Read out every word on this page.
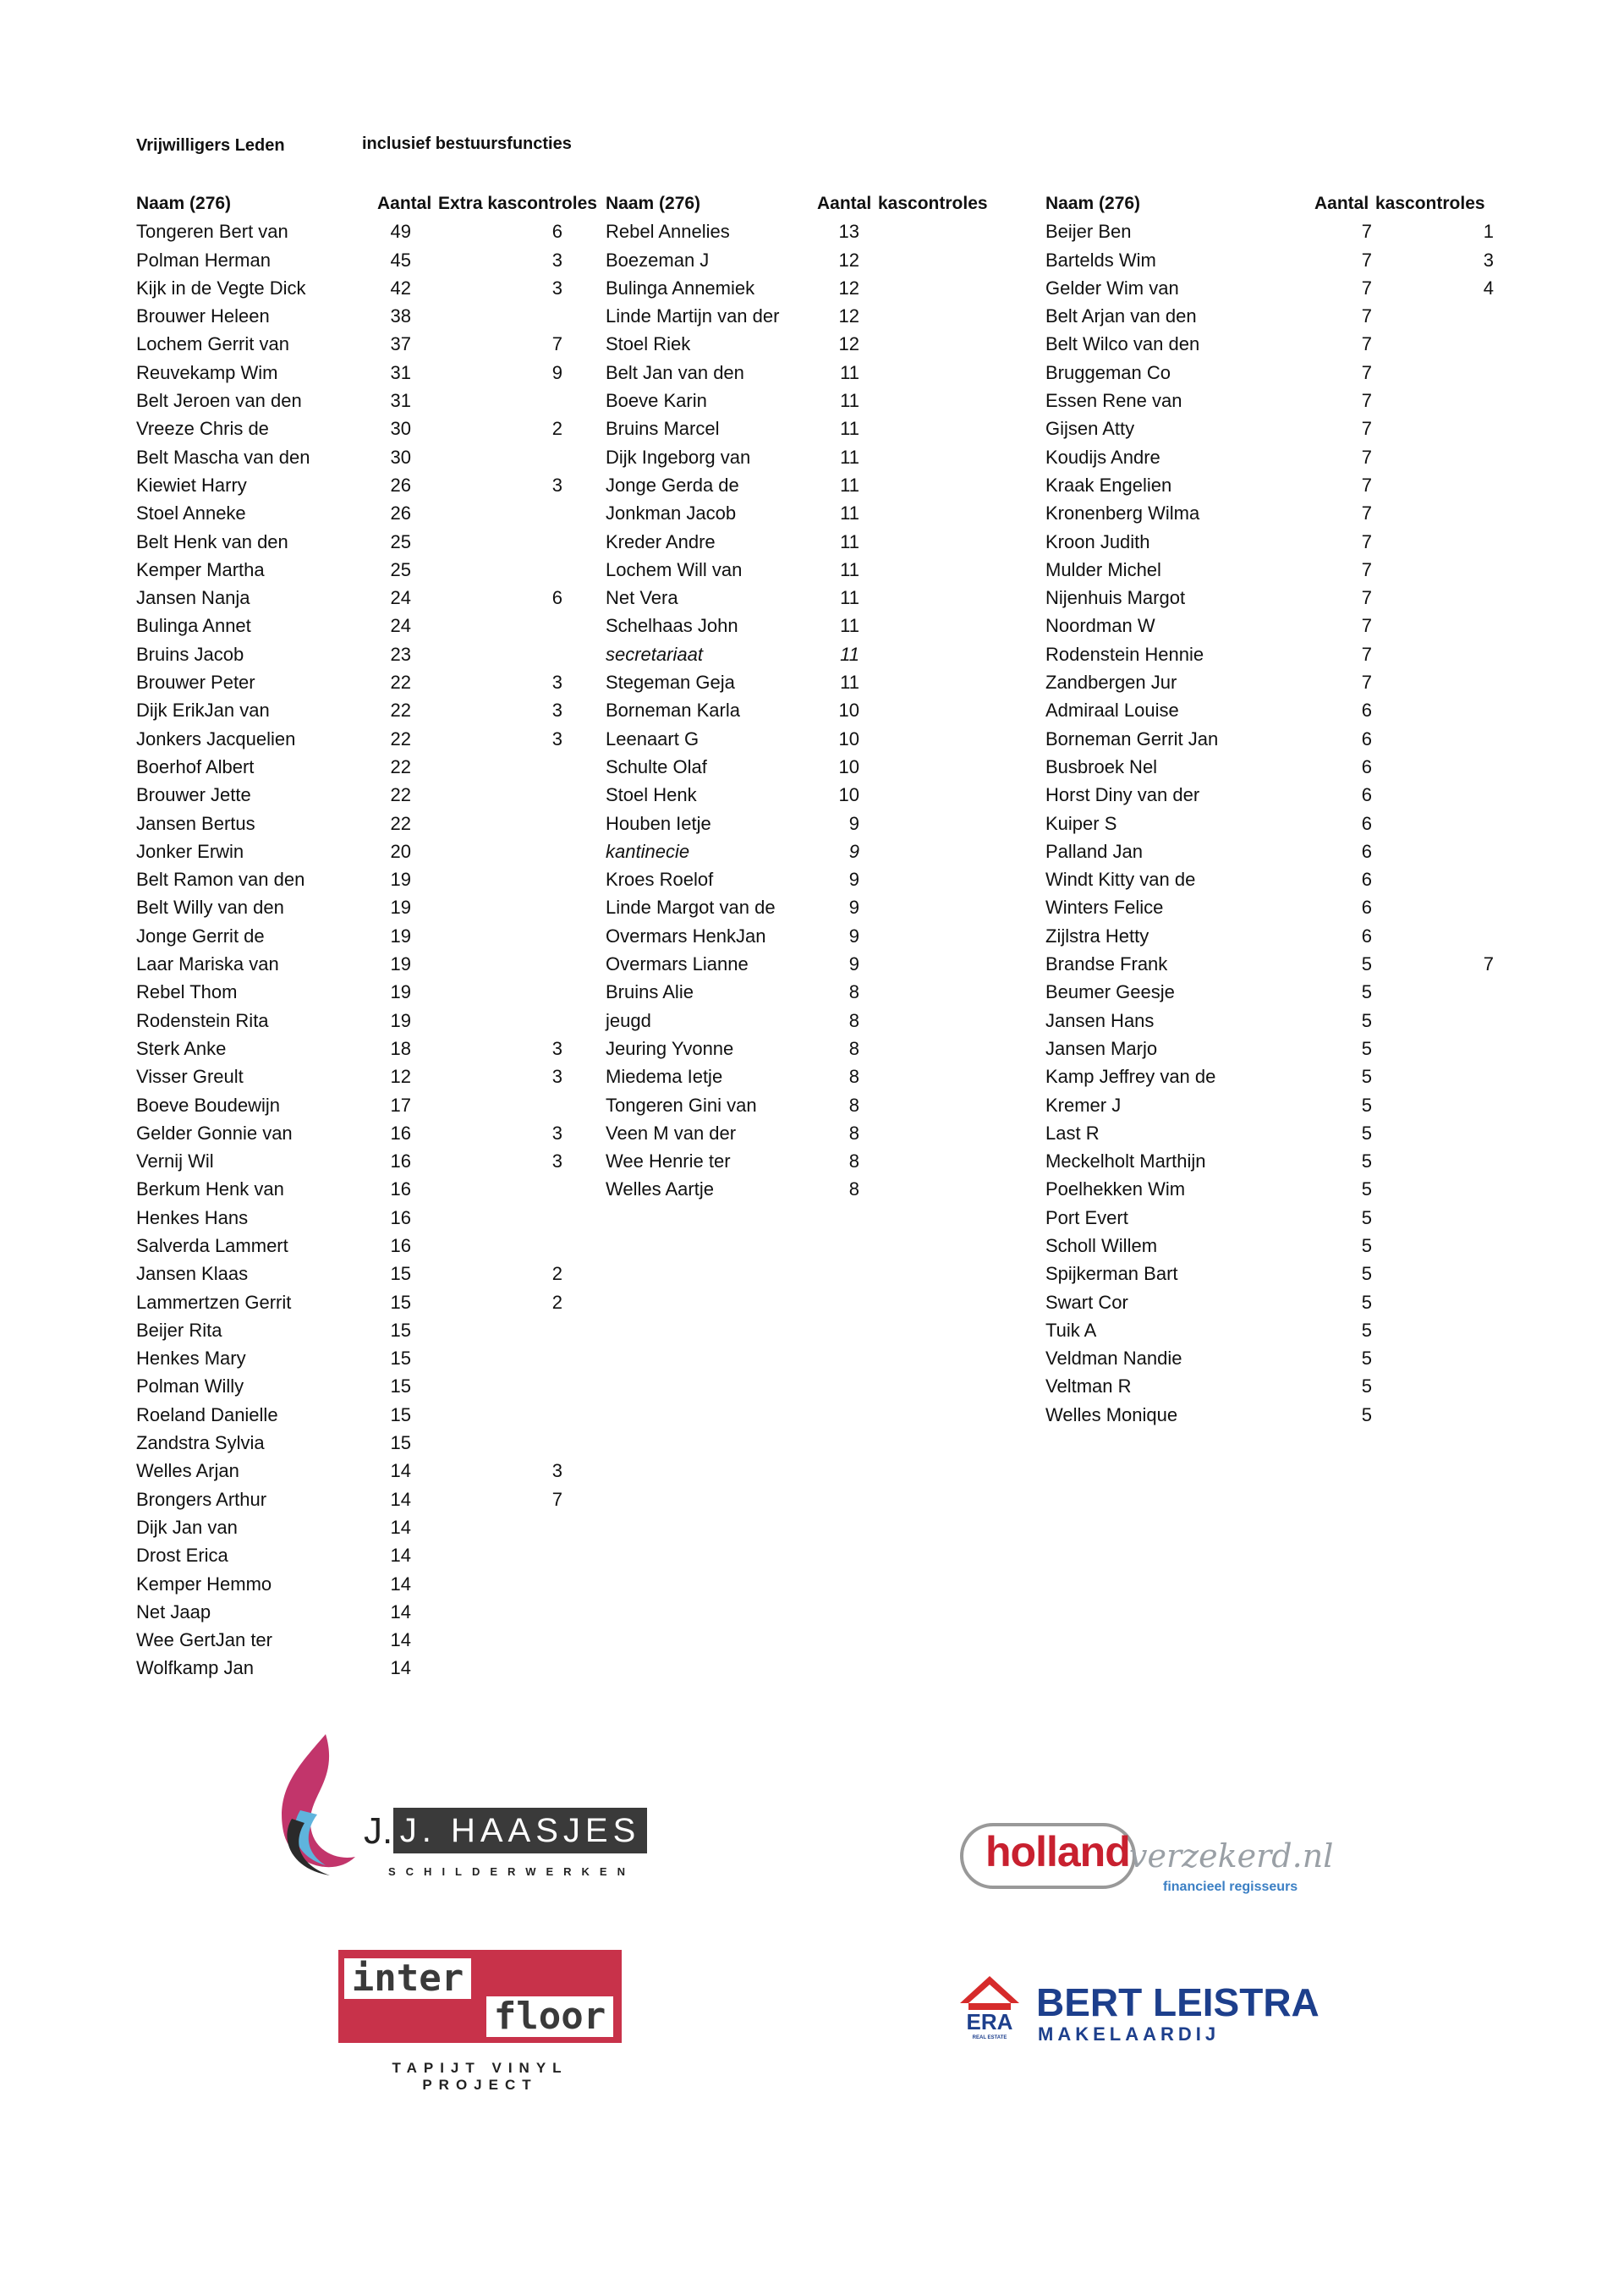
Vrijwilligers Leden	inclusief bestuursfuncties
Naam (276)	Aantal Extra kascontroles
Tongeren Bert van	49	6
Polman Herman	45	3
Kijk in de Vegte Dick	42	3
Brouwer Heleen	38
Lochem Gerrit van	37	7
Reuvekamp Wim	31	9
Belt Jeroen van den	31
Vreeze Chris de	30	2
Belt Mascha van den	30
Kiewiet Harry	26	3
Stoel Anneke	26
Belt Henk van den	25
Kemper Martha	25
Jansen Nanja	24	6
Bulinga Annet	24
Bruins Jacob	23
Brouwer Peter	22	3
Dijk ErikJan van	22	3
Jonkers Jacquelien	22	3
Boerhof Albert	22
Brouwer Jette	22
Jansen Bertus	22
Jonker Erwin	20
Belt Ramon van den	19
Belt Willy van den	19
Jonge Gerrit de	19
Laar Mariska van	19
Rebel Thom	19
Rodenstein Rita	19
Sterk Anke	18	3
Visser Greult	12	3
Boeve Boudewijn	17
Gelder Gonnie van	16	3
Vernij Wil	16	3
Berkum Henk van	16
Henkes Hans	16
Salverda Lammert	16
Jansen Klaas	15	2
Lammertzen Gerrit	15	2
Beijer Rita	15
Henkes Mary	15
Polman Willy	15
Roeland Danielle	15
Zandstra Sylvia	15
Welles Arjan	14	3
Brongers Arthur	14	7
Dijk Jan van	14
Drost Erica	14
Kemper Hemmo	14
Net Jaap	14
Wee GertJan ter	14
Wolfkamp Jan	14
Naam (276)	Aantal kascontroles
Rebel Annelies	13
Boezeman J	12
Bulinga Annemiek	12
Linde Martijn van der	12
Stoel Riek	12
Belt Jan van den	11
Boeve Karin	11
Bruins Marcel	11
Dijk Ingeborg van	11
Jonge Gerda de	11
Jonkman Jacob	11
Kreder Andre	11
Lochem Will van	11
Net Vera	11
Schelhaas John	11
secretariaat	11
Stegeman Geja	11
Borneman Karla	10
Leenaart G	10
Schulte Olaf	10
Stoel Henk	10
Houben Ietje	9
kantinecie	9
Kroes Roelof	9
Linde Margot van de	9
Overmars HenkJan	9
Overmars Lianne	9
Bruins Alie	8
jeugd	8
Jeuring Yvonne	8
Miedema Ietje	8
Tongeren Gini van	8
Veen M van der	8
Wee Henrie ter	8
Welles Aartje	8
Naam (276)	Aantal kascontroles
Beijer Ben	7	1
Bartelds Wim	7	3
Gelder Wim van	7	4
Belt Arjan van den	7
Belt Wilco van den	7
Bruggeman Co	7
Essen Rene van	7
Gijsen Atty	7
Koudijs Andre	7
Kraak Engelien	7
Kronenberg Wilma	7
Kroon Judith	7
Mulder Michel	7
Nijenhuis Margot	7
Noordman W	7
Rodenstein Hennie	7
Zandbergen Jur	7
Admiraal Louise	6
Borneman Gerrit Jan	6
Busbroek Nel	6
Horst Diny van der	6
Kuiper S	6
Palland Jan	6
Windt Kitty van de	6
Winters Felice	6
Zijlstra Hetty	6
Brandse Frank	5	7
Beumer Geesje	5
Jansen Hans	5
Jansen Marjo	5
Kamp Jeffrey van de	5
Kremer J	5
Last R	5
Meckelholt Marthijn	5
Poelhekken Wim	5
Port Evert	5
Scholl Willem	5
Spijkerman Bart	5
Swart Cor	5
Tuik A	5
Veldman Nandie	5
Veltman R	5
Welles Monique	5
J. J. HAASJES
SCHILDERWERKEN	holland verzekerd.nl
financieel regisseurs
inter
floor
TAPIJT VINYL PROJECT
ERA
REAL ESTATE
BERT LEISTRA
MAKELAARDIJ
